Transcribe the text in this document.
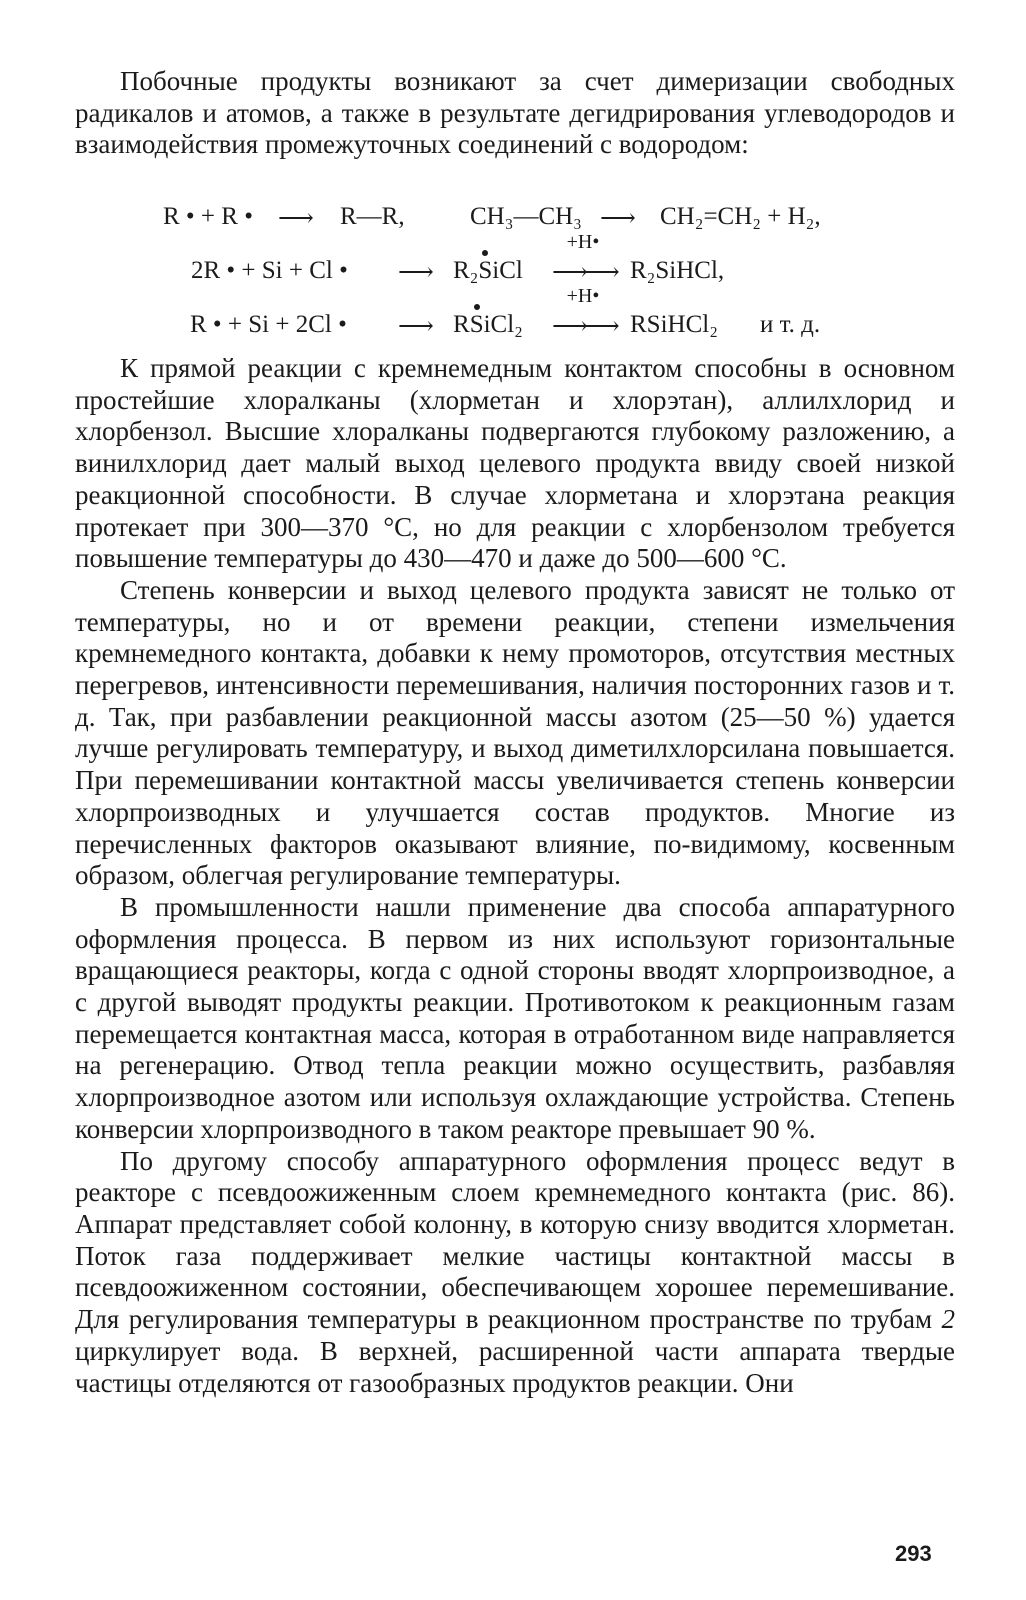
Побочные продукты возникают за счет димеризации свободных радикалов и атомов, а также в результате дегидрирования углеводородов и взаимодействия промежуточных соединений с водородом:

R • + R • ⟶ R—R,	CH₃—CH₃ ⟶ CH₂=CH₂ + H₂,
2R • + Si + Cl • ⟶ R₂SiCl
+H•
⟶⟶ R₂SiHCl,
R • + Si + 2Cl • ⟶ RSiCl₂
+H•
⟶⟶ RSiHCl₂ и т. д.

К прямой реакции с кремнемедным контактом способны в основном простейшие хлоралканы (хлорметан и хлорэтан), аллилхлорид и хлорбензол. Высшие хлоралканы подвергаются глубокому разложению, а винилхлорид дает малый выход целевого продукта ввиду своей низкой реакционной способности. В случае хлорметана и хлорэтана реакция протекает при 300—370 °С, но для реакции с хлорбензолом требуется повышение температуры до 430—470 и даже до 500—600 °С.

Степень конверсии и выход целевого продукта зависят не только от температуры, но и от времени реакции, степени измельчения кремнемедного контакта, добавки к нему промоторов, отсутствия местных перегревов, интенсивности перемешивания, наличия посторонних газов и т. д. Так, при разбавлении реакционной массы азотом (25—50 %) удается лучше регулировать температуру, и выход диметилхлорсилана повышается. При перемешивании контактной массы увеличивается степень конверсии хлорпроизводных и улучшается состав продуктов. Многие из перечисленных факторов оказывают влияние, по-видимому, косвенным образом, облегчая регулирование температуры.

В промышленности нашли применение два способа аппаратурного оформления процесса. В первом из них используют горизонтальные вращающиеся реакторы, когда с одной стороны вводят хлорпроизводное, а с другой выводят продукты реакции. Противотоком к реакционным газам перемещается контактная масса, которая в отработанном виде направляется на регенерацию. Отвод тепла реакции можно осуществить, разбавляя хлорпроизводное азотом или используя охлаждающие устройства. Степень конверсии хлорпроизводного в таком реакторе превышает 90 %.

По другому способу аппаратурного оформления процесс ведут в реакторе с псевдоожиженным слоем кремнемедного контакта (рис. 86). Аппарат представляет собой колонну, в которую снизу вводится хлорметан. Поток газа поддерживает мелкие частицы контактной массы в псевдоожиженном состоянии, обеспечивающем хорошее перемешивание. Для регулирования температуры в реакционном пространстве по трубам 2 циркулирует вода. В верхней, расширенной части аппарата твердые частицы отделяются от газообразных продуктов реакции. Они

293
